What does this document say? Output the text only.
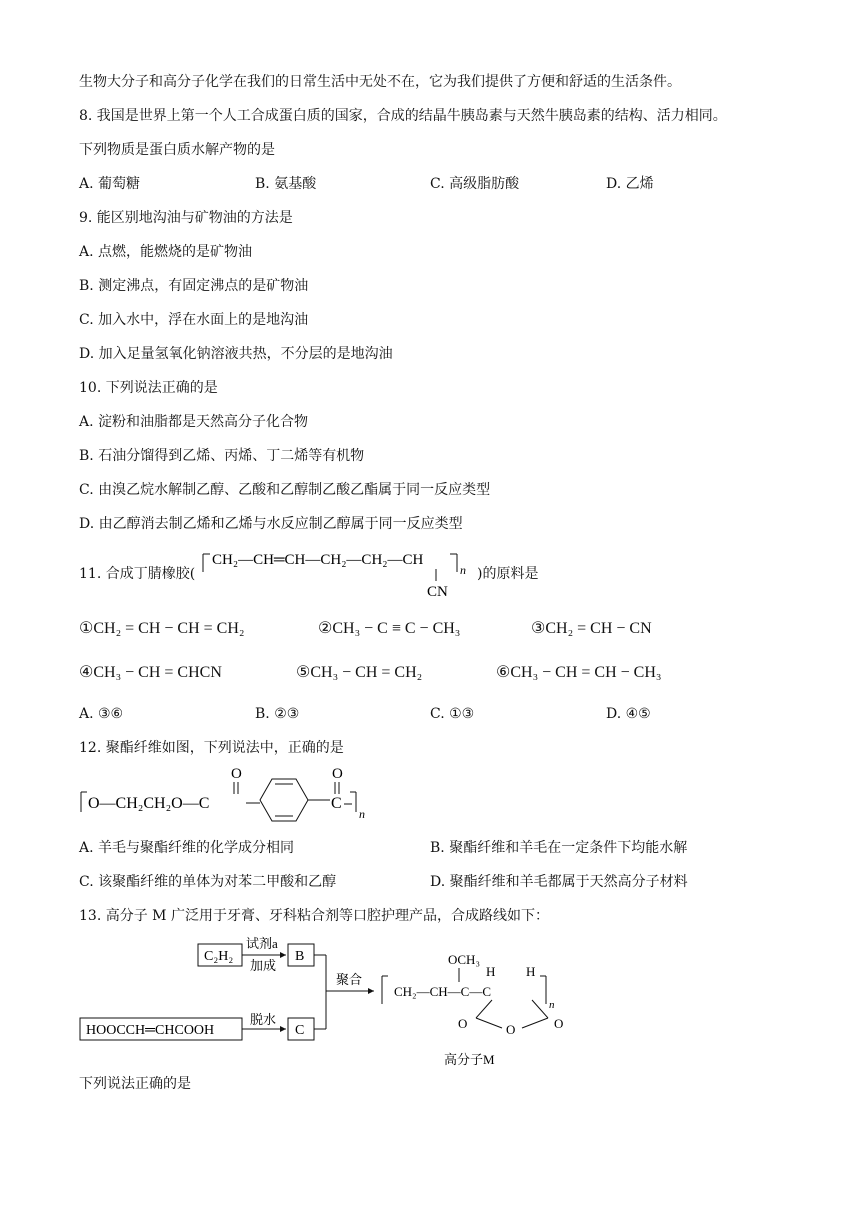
生物大分子和高分子化学在我们的日常生活中无处不在，它为我们提供了方便和舒适的生活条件。
8. 我国是世界上第一个人工合成蛋白质的国家，合成的结晶牛胰岛素与天然牛胰岛素的结构、活力相同。
下列物质是蛋白质水解产物的是
A. 葡萄糖	B. 氨基酸	C. 高级脂肪酸	D. 乙烯
9. 能区别地沟油与矿物油的方法是
A. 点燃，能燃烧的是矿物油
B. 测定沸点，有固定沸点的是矿物油
C. 加入水中，浮在水面上的是地沟油
D. 加入足量氢氧化钠溶液共热，不分层的是地沟油
10. 下列说法正确的是
A. 淀粉和油脂都是天然高分子化合物
B. 石油分馏得到乙烯、丙烯、丁二烯等有机物
C. 由溴乙烷水解制乙醇、乙酸和乙醇制乙酸乙酯属于同一反应类型
D. 由乙醇消去制乙烯和乙烯与水反应制乙醇属于同一反应类型
11. 合成丁腈橡胶(
CH₂—CH═CH—CH₂—CH₂—CH
n
CN
)的原料是
①CH₂ = CH − CH = CH₂	②CH₃ − C ≡ C − CH₃	③CH₂ = CH − CN
④CH₃ − CH = CHCN	⑤CH₃ − CH = CH₂	⑥CH₃ − CH = CH − CH₃
A. ③⑥	B. ②③	C. ①③	D. ④⑤
12. 聚酯纤维如图，下列说法中，正确的是
O—CH₂CH₂O—C
O	O
C
n
A. 羊毛与聚酯纤维的化学成分相同	B. 聚酯纤维和羊毛在一定条件下均能水解
C. 该聚酯纤维的单体为对苯二甲酸和乙醇	D. 聚酯纤维和羊毛都属于天然高分子材料
13. 高分子 M 广泛用于牙膏、牙科粘合剂等口腔护理产品，合成路线如下：
C₂H₂
试剂a
加成
B
HOOCCH═CHCOOH
脱水
C
聚合
OCH₃
H H
CH₂—CH—C—C
n
O
O	O
高分子M
下列说法正确的是
